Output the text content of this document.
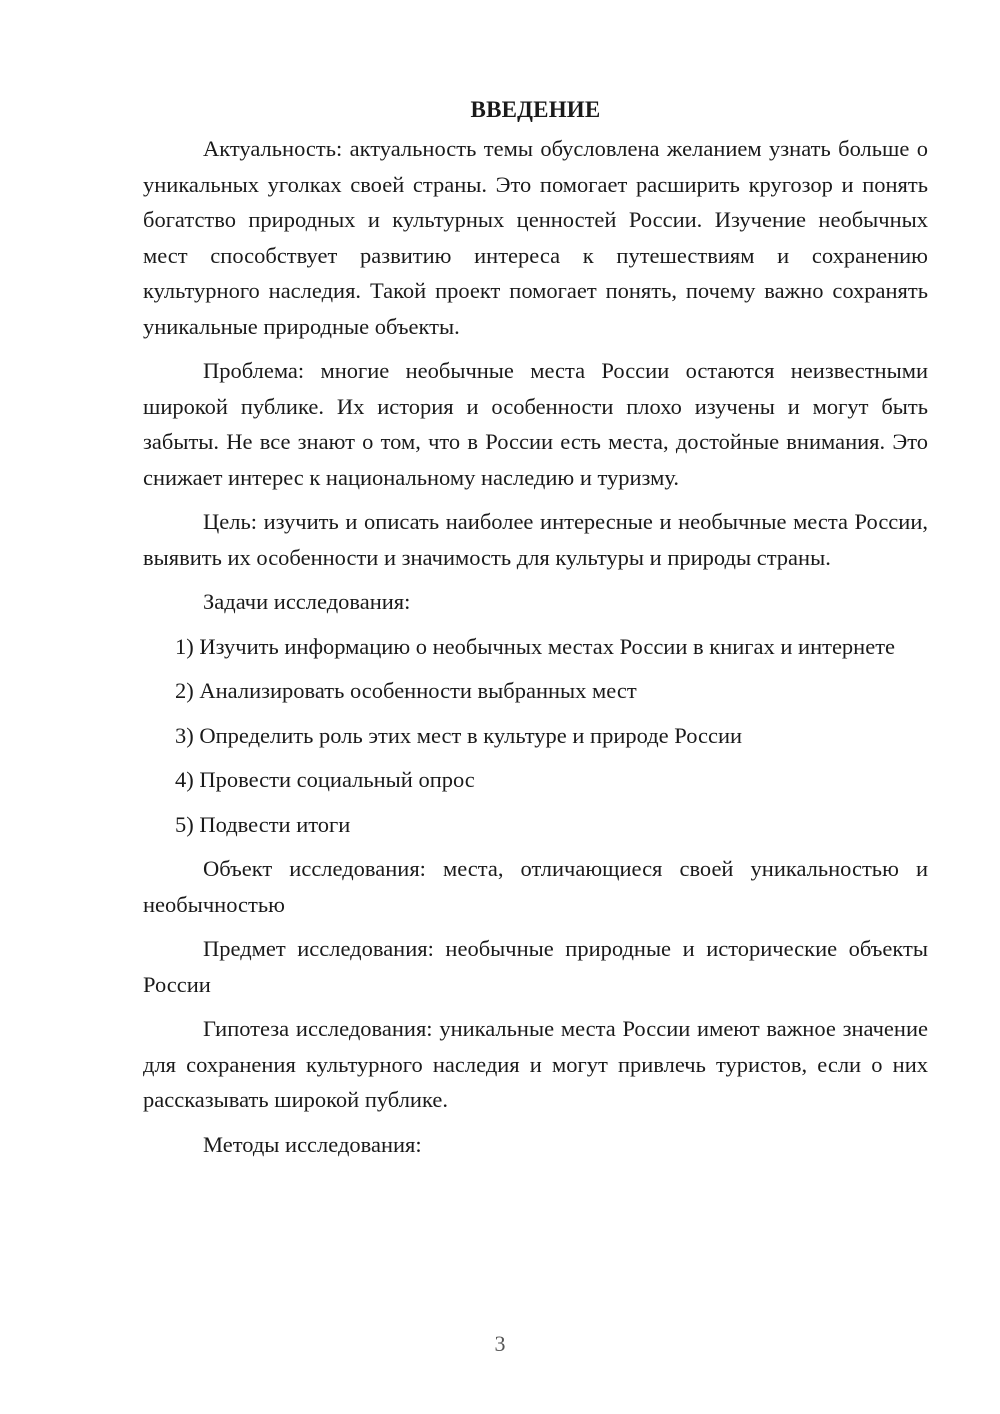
ВВЕДЕНИЕ

Актуальность: актуальность темы обусловлена желанием узнать больше о уникальных уголках своей страны. Это помогает расширить кругозор и понять богатство природных и культурных ценностей России. Изучение необычных мест способствует развитию интереса к путешествиям и сохранению культурного наследия. Такой проект помогает понять, почему важно сохранять уникальные природные объекты.

Проблема: многие необычные места России остаются неизвестными широкой публике. Их история и особенности плохо изучены и могут быть забыты. Не все знают о том, что в России есть места, достойные внимания. Это снижает интерес к национальному наследию и туризму.

Цель: изучить и описать наиболее интересные и необычные места России, выявить их особенности и значимость для культуры и природы страны.

Задачи исследования:

1) Изучить информацию о необычных местах России в книгах и интернете

2) Анализировать особенности выбранных мест

3) Определить роль этих мест в культуре и природе России

4) Провести социальный опрос

5) Подвести итоги

Объект исследования: места, отличающиеся своей уникальностью и необычностью

Предмет исследования: необычные природные и исторические объекты России

Гипотеза исследования: уникальные места России имеют важное значение для сохранения культурного наследия и могут привлечь туристов, если о них рассказывать широкой публике.

Методы исследования:

3
